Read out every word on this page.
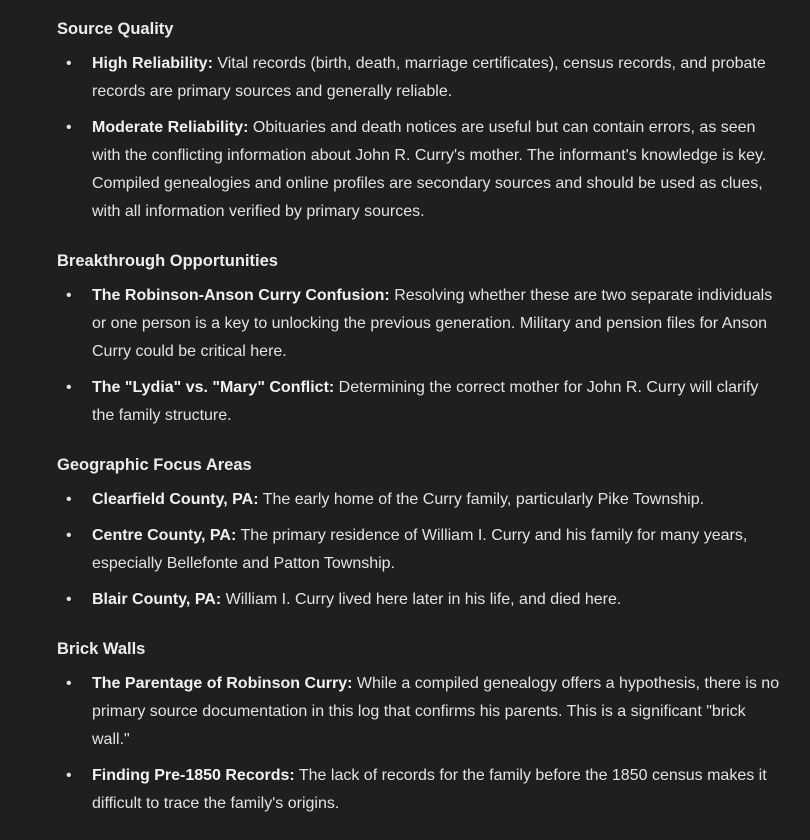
Source Quality
• High Reliability: Vital records (birth, death, marriage certificates), census records, and probate records are primary sources and generally reliable.
• Moderate Reliability: Obituaries and death notices are useful but can contain errors, as seen with the conflicting information about John R. Curry's mother. The informant's knowledge is key. Compiled genealogies and online profiles are secondary sources and should be used as clues, with all information verified by primary sources.
Breakthrough Opportunities
• The Robinson-Anson Curry Confusion: Resolving whether these are two separate individuals or one person is a key to unlocking the previous generation. Military and pension files for Anson Curry could be critical here.
• The "Lydia" vs. "Mary" Conflict: Determining the correct mother for John R. Curry will clarify the family structure.
Geographic Focus Areas
• Clearfield County, PA: The early home of the Curry family, particularly Pike Township.
• Centre County, PA: The primary residence of William I. Curry and his family for many years, especially Bellefonte and Patton Township.
• Blair County, PA: William I. Curry lived here later in his life, and died here.
Brick Walls
• The Parentage of Robinson Curry: While a compiled genealogy offers a hypothesis, there is no primary source documentation in this log that confirms his parents. This is a significant "brick wall."
• Finding Pre-1850 Records: The lack of records for the family before the 1850 census makes it difficult to trace the family's origins.
